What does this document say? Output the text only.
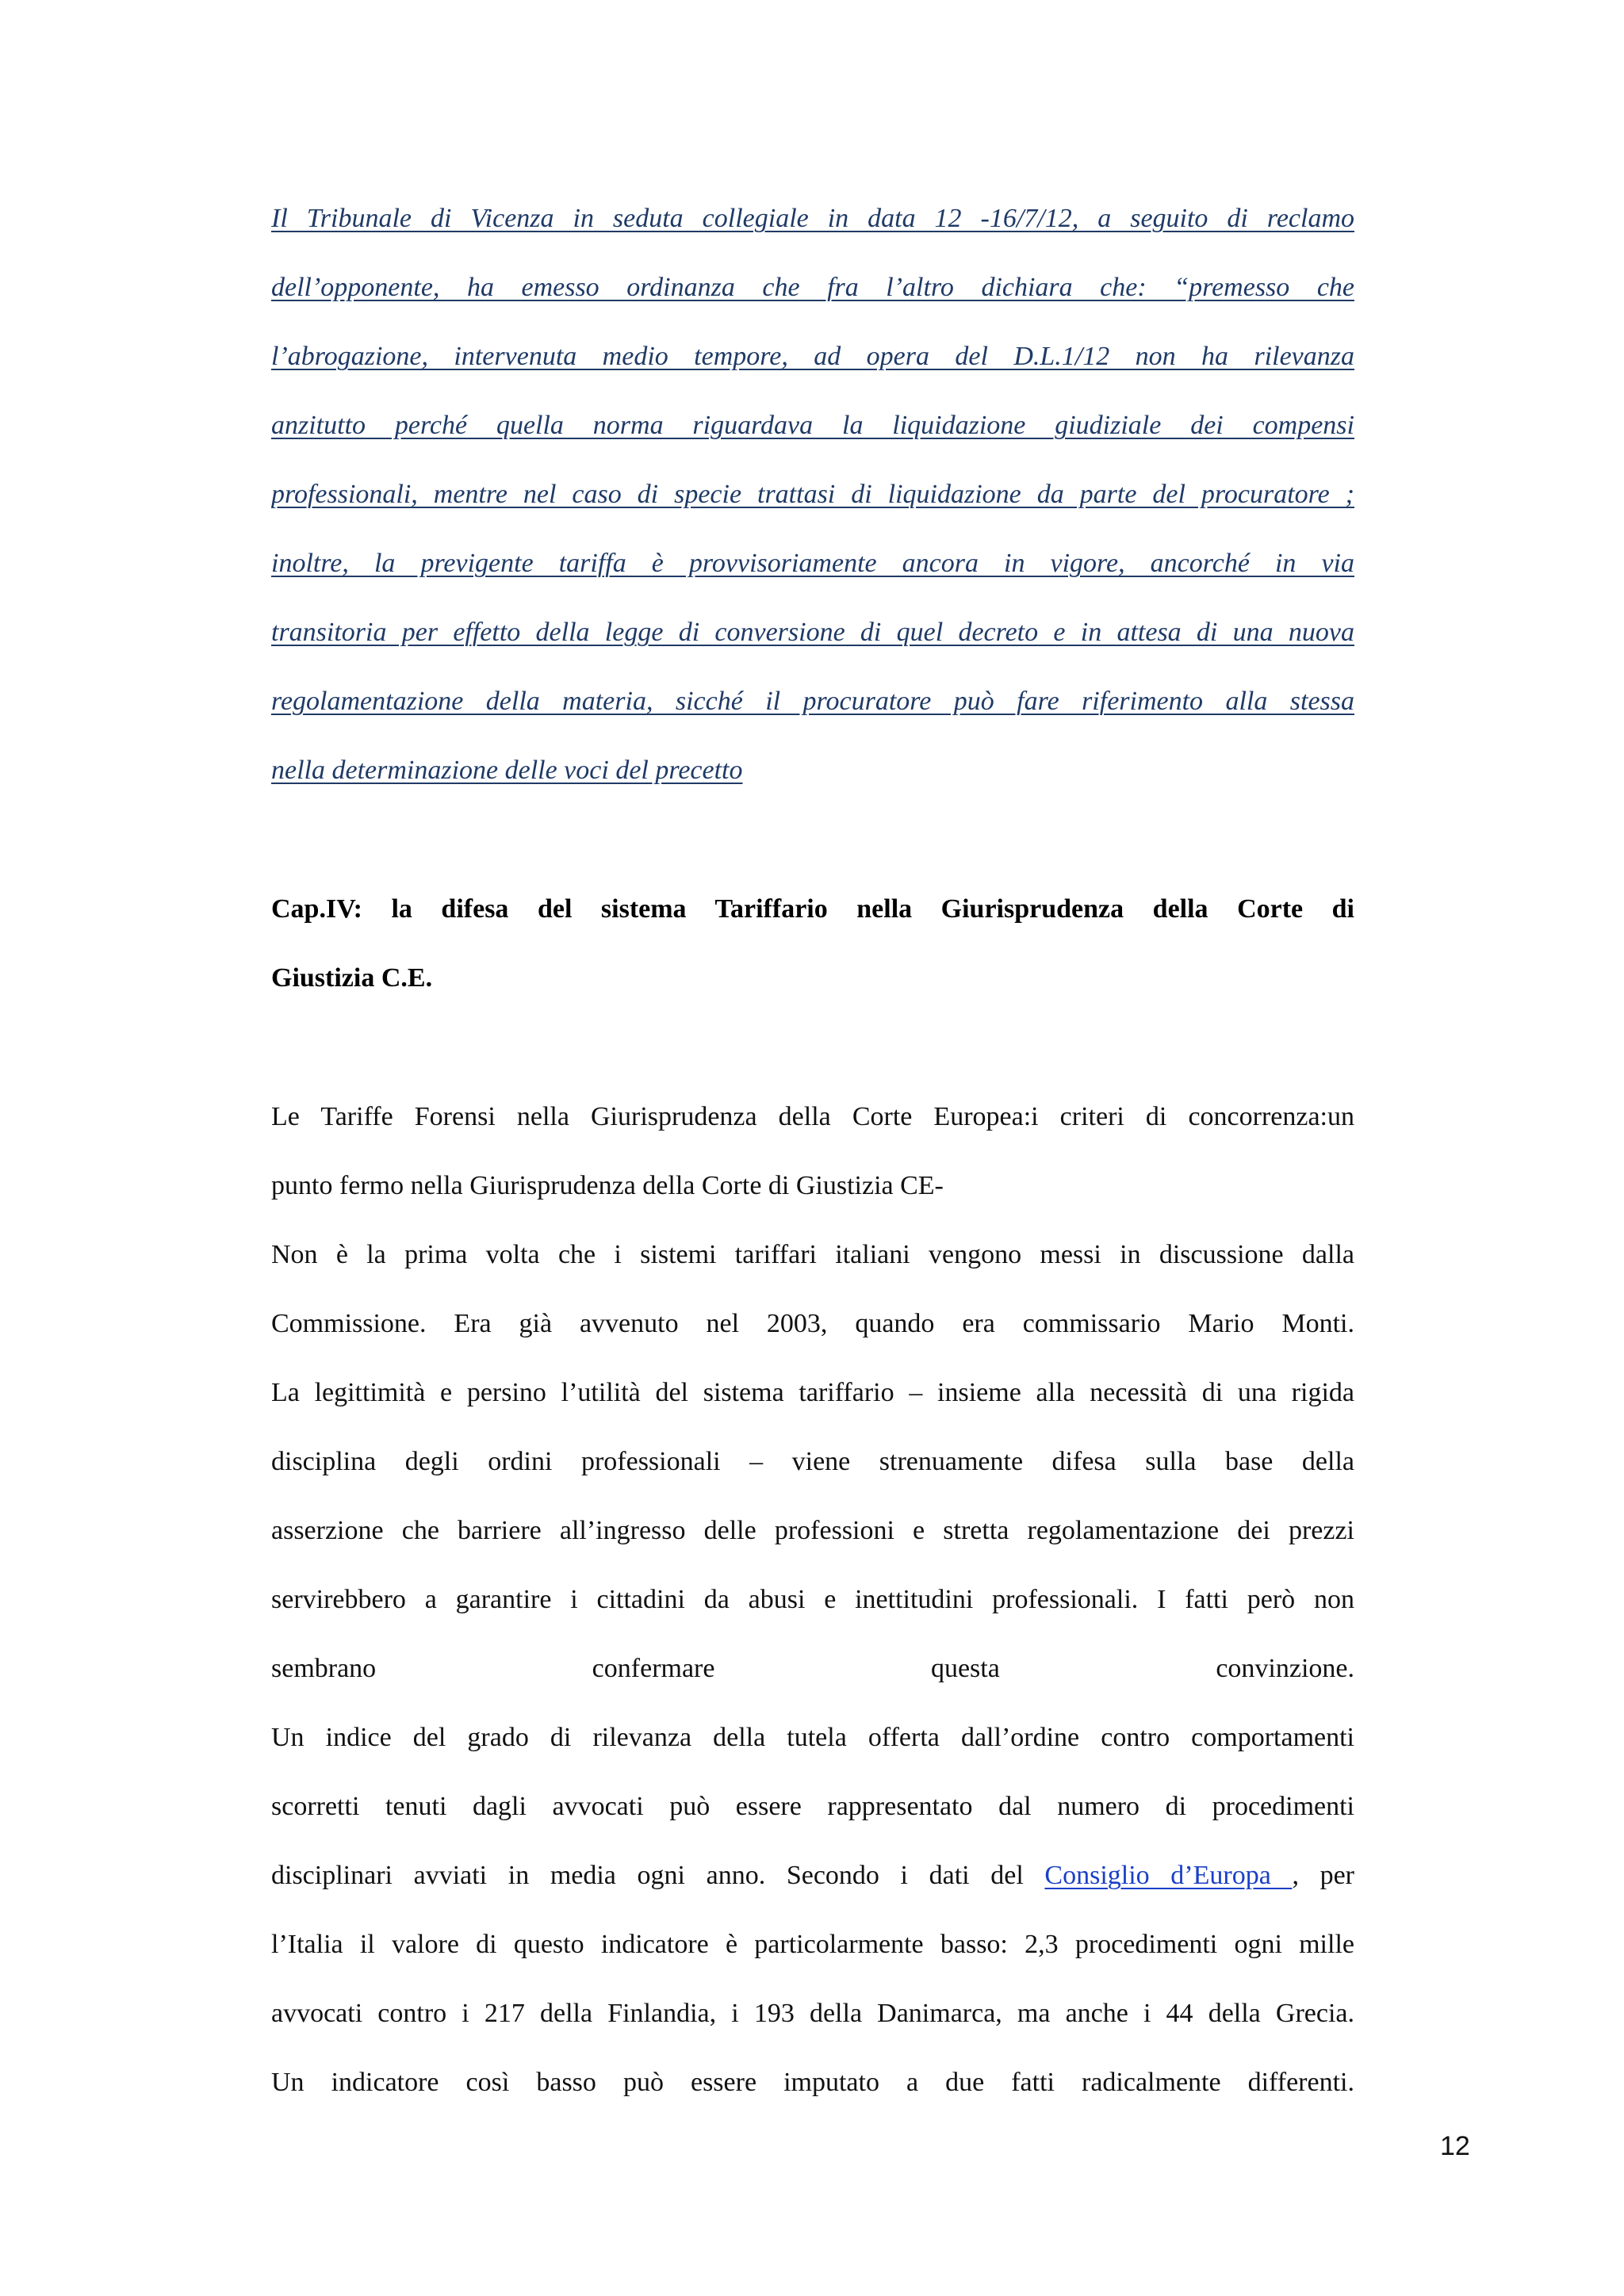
Il Tribunale di Vicenza in seduta collegiale in data 12 -16/7/12, a seguito di reclamo
dell’opponente, ha emesso ordinanza che fra l’altro dichiara che: “premesso che
l’abrogazione, intervenuta medio tempore, ad opera del D.L.1/12 non ha rilevanza
anzitutto perché quella norma riguardava la liquidazione giudiziale dei compensi
professionali, mentre nel caso di specie trattasi di liquidazione da parte del procuratore ;
inoltre, la previgente tariffa è provvisoriamente ancora in vigore, ancorché in via
transitoria per effetto della legge di conversione di quel decreto e in attesa di una nuova
regolamentazione della materia, sicché il procuratore può fare riferimento alla stessa
nella determinazione delle voci del precetto
Cap.IV: la difesa del sistema Tariffario nella Giurisprudenza della Corte di
Giustizia C.E.
Le Tariffe Forensi nella Giurisprudenza della Corte Europea:i criteri di concorrenza:un
punto fermo nella Giurisprudenza della Corte di Giustizia CE-
Non è la prima volta che i sistemi tariffari italiani vengono messi in discussione dalla
Commissione. Era già avvenuto nel 2003, quando era commissario Mario Monti.
La legittimità e persino l’utilità del sistema tariffario – insieme alla necessità di una rigida
disciplina degli ordini professionali – viene strenuamente difesa sulla base della
asserzione che barriere all’ingresso delle professioni e stretta regolamentazione dei prezzi
servirebbero a garantire i cittadini da abusi e inettitudini professionali. I fatti però non
sembrano confermare questa convinzione.
Un indice del grado di rilevanza della tutela offerta dall’ordine contro comportamenti
scorretti tenuti dagli avvocati può essere rappresentato dal numero di procedimenti
disciplinari avviati in media ogni anno. Secondo i dati del Consiglio d’Europa , per
l’Italia il valore di questo indicatore è particolarmente basso: 2,3 procedimenti ogni mille
avvocati contro i 217 della Finlandia, i 193 della Danimarca, ma anche i 44 della Grecia.
Un indicatore così basso può essere imputato a due fatti radicalmente differenti.
12
